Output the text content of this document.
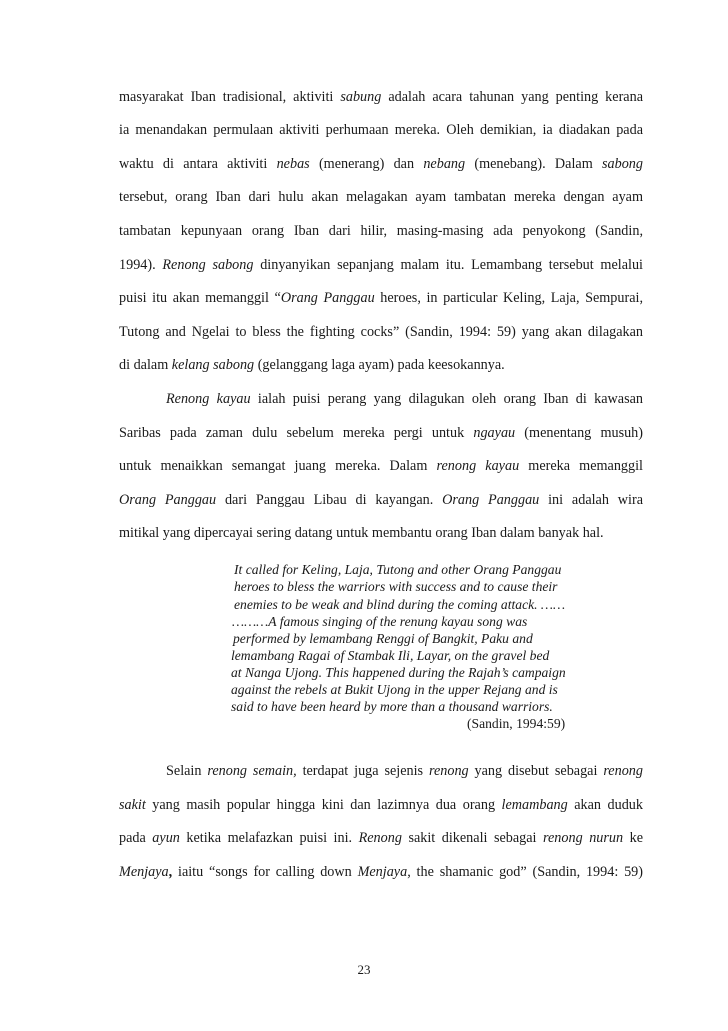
masyarakat Iban tradisional, aktiviti sabung adalah acara tahunan yang penting kerana
ia menandakan permulaan aktiviti perhumaan mereka. Oleh demikian, ia diadakan pada
waktu di antara aktiviti nebas (menerang) dan nebang (menebang). Dalam sabong
tersebut, orang Iban dari hulu akan melagakan ayam tambatan mereka dengan ayam
tambatan kepunyaan orang Iban dari hilir, masing-masing ada penyokong (Sandin,
1994). Renong sabong dinyanyikan sepanjang malam itu. Lemambang tersebut melalui
puisi itu akan memanggil “Orang Panggau heroes, in particular Keling, Laja, Sempurai,
Tutong and Ngelai to bless the fighting cocks” (Sandin, 1994: 59) yang akan dilagakan
di dalam kelang sabong (gelanggang laga ayam) pada keesokannya.
Renong kayau ialah puisi perang yang dilagukan oleh orang Iban di kawasan
Saribas pada zaman dulu sebelum mereka pergi untuk ngayau (menentang musuh)
untuk menaikkan semangat juang mereka. Dalam renong kayau mereka memanggil
Orang Panggau dari Panggau Libau di kayangan. Orang Panggau ini adalah wira
mitikal yang dipercayai sering datang untuk membantu orang Iban dalam banyak hal.
It called for Keling, Laja, Tutong and other Orang Panggau
heroes to bless the warriors with success and to cause their
enemies to be weak and blind during the coming attack. ……
………A famous singing of the renung kayau song was
performed by lemambang Renggi of Bangkit, Paku and
lemambang Ragai of Stambak Ili, Layar, on the gravel bed
at Nanga Ujong. This happened during the Rajah’s campaign
against the rebels at Bukit Ujong in the upper Rejang and is
said to have been heard by more than a thousand warriors.
(Sandin, 1994:59)
Selain renong semain, terdapat juga sejenis renong yang disebut sebagai renong
sakit yang masih popular hingga kini dan lazimnya dua orang lemambang akan duduk
pada ayun ketika melafazkan puisi ini. Renong sakit dikenali sebagai renong nurun ke
Menjaya, iaitu “songs for calling down Menjaya, the shamanic god” (Sandin, 1994: 59)
23
